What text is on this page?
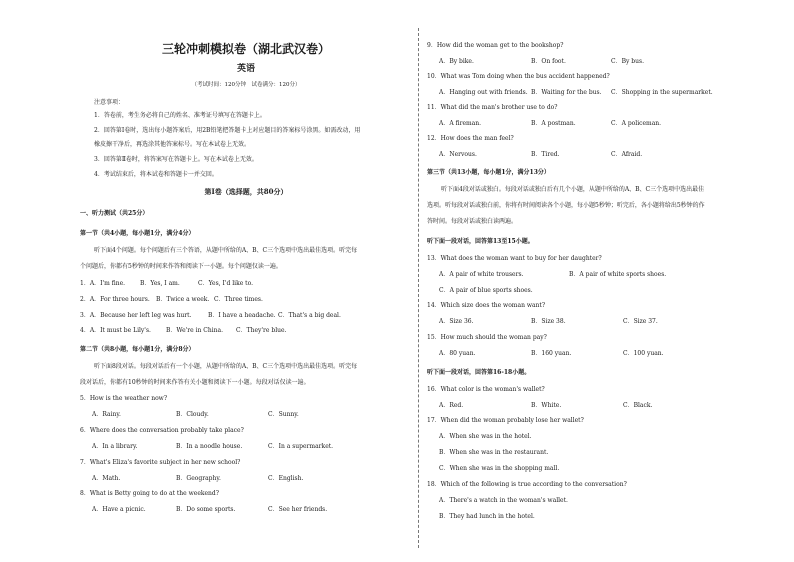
三轮冲刺模拟卷（湖北武汉卷）
英语
（考试时间：120分钟　试卷满分：120分）
注意事项：
1．答卷前，考生务必将自己的姓名、准考证号填写在答题卡上。
2．回答第Ⅰ卷时，选出每小题答案后，用2B铅笔把答题卡上对应题目的答案标号涂黑。如需改动，用
橡皮擦干净后，再选涂其他答案标号。写在本试卷上无效。
3．回答第Ⅱ卷时，将答案写在答题卡上。写在本试卷上无效。
4．考试结束后，将本试卷和答题卡一并交回。
第Ⅰ卷（选择题，共80分）
一、听力测试（共25分）
第一节（共4小题，每小题1分，满分4分）
听下面4个问题。每个问题后有三个答语，从题中所给的A、B、C三个选项中选出最佳选项。听完每
个问题后，你都有5秒钟的时间来作答和阅读下一小题。每个问题仅读一遍。
1．A．I'm fine. B．Yes, I am.	C．Yes, I'd like to.
2．A．For three hours. B．Twice a week. C．Three times.
3．A．Because her left leg was hurt.	B．I have a headache. C．That's a big deal.
4．A．It must be Lily's.	B．We're in China. C．They're blue.
第二节（共8小题，每小题1分，满分8分）
听下面8段对话。每段对话后有一个小题，从题中所给的A、B、C三个选项中选出最佳选项。听完每
段对话后，你都有10秒钟的时间来作答有关小题和阅读下一小题。每段对话仅读一遍。
5．How is the weather now?
A．Rainy.	B．Cloudy.	C．Sunny.
6．Where does the conversation probably take place?
A．In a library.	B．In a noodle house.	C．In a supermarket.
7．What's Eliza's favorite subject in her new school?
A．Math.	B．Geography.	C．English.
8．What is Betty going to do at the weekend?
A．Have a picnic.	B．Do some sports.	C．See her friends.
9．How did the woman get to the bookshop?
A．By bike.	B．On foot.	C．By bus.
10．What was Tom doing when the bus accident happened?
A．Hanging out with friends. B．Waiting for the bus. C．Shopping in the supermarket.
11．What did the man's brother use to do?
A．A fireman.	B．A postman.	C．A policeman.
12．How does the man feel?
A．Nervous.	B．Tired.	C．Afraid.
第三节（共13小题，每小题1分，满分13分）
听下面4段对话或独白。每段对话或独白后有几个小题，从题中所给的A、B、C三个选项中选出最佳
选项。听每段对话或独白前，你将有时间阅读各个小题，每小题5秒钟；听完后，各小题将给出5秒钟的作
答时间。每段对话或独白读两遍。
听下面一段对话，回答第13至15小题。
13．What does the woman want to buy for her daughter?
A．A pair of white trousers.	B．A pair of white sports shoes.
C．A pair of blue sports shoes.
14．Which size does the woman want?
A．Size 36.	B．Size 38.	C．Size 37.
15．How much should the woman pay?
A．80 yuan.	B．160 yuan.	C．100 yuan.
听下面一段对话，回答第16-18小题。
16．What color is the woman's wallet?
A．Red.	B．White.	C．Black.
17．When did the woman probably lose her wallet?
A．When she was in the hotel.
B．When she was in the restaurant.
C．When she was in the shopping mall.
18．Which of the following is true according to the conversation?
A．There's a watch in the woman's wallet.
B．They had lunch in the hotel.
